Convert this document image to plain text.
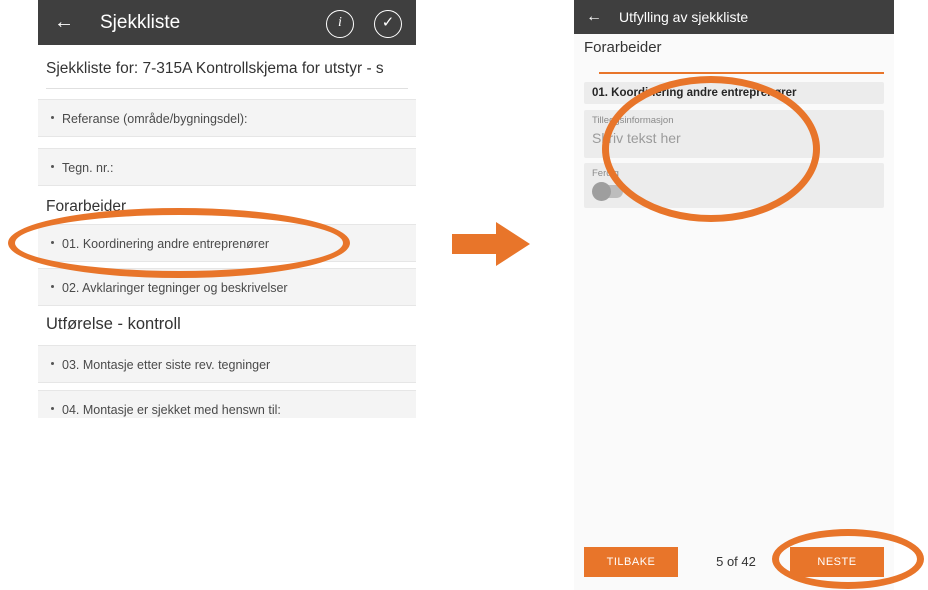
← Sjekkliste	i	✓
Sjekkliste for: 7-315A Kontrollskjema for utstyr - s
Referanse (område/bygningsdel):
Tegn. nr.:
Forarbeider
01. Koordinering andre entreprenører
02. Avklaringer tegninger og beskrivelser
Utførelse - kontroll
03. Montasje etter siste rev. tegninger
04. Montasje er sjekket med henswn til:
← Utfylling av sjekkliste
Forarbeider
01. Koordinering andre entreprenører
Tilleggsinformasjon
Skriv tekst her
Ferdig
TILBAKE	5 of 42	NESTE
